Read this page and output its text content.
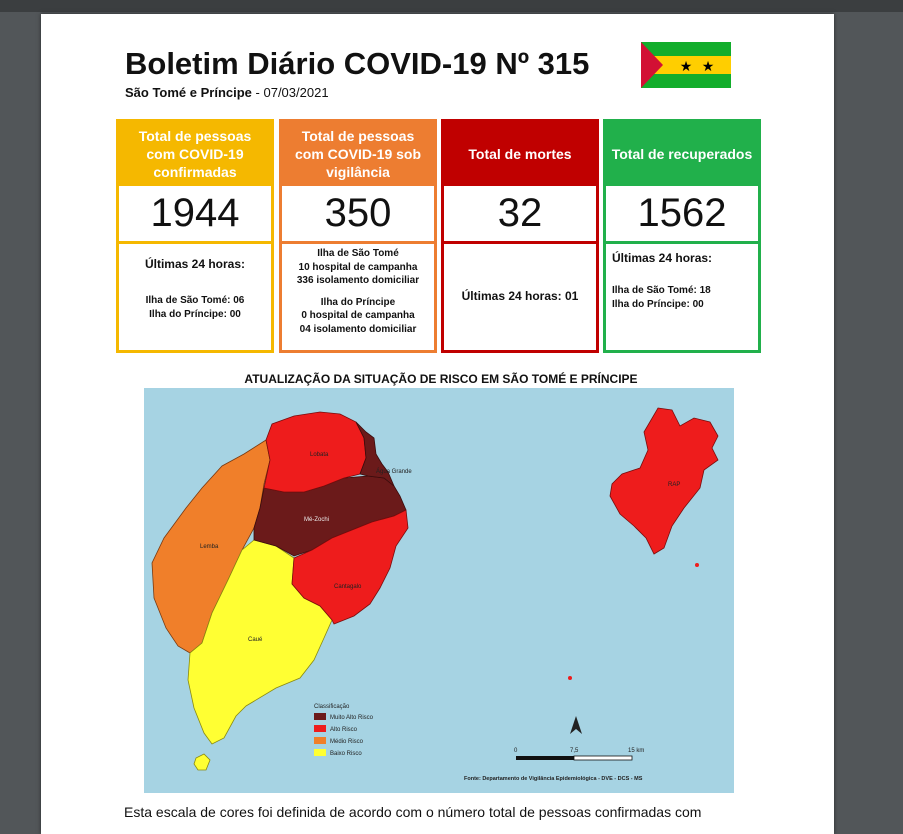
Boletim Diário COVID-19 Nº 315
São Tomé e Príncipe - 07/03/2021
★ ★
Total de pessoas com COVID-19 confirmadas
1944
Últimas 24 horas:
Ilha de São Tomé: 06
Ilha do Príncipe: 00
Total de pessoas com COVID-19 sob vigilância
350
Ilha de São Tomé
10 hospital de campanha
336 isolamento domiciliar
Ilha do Príncipe
0 hospital de campanha
04 isolamento domiciliar
Total de mortes
32
Últimas 24 horas: 01
Total de recuperados
1562
Últimas 24 horas:
Ilha de São Tomé: 18
Ilha do Príncipe: 00
ATUALIZAÇÃO DA SITUAÇÃO DE RISCO EM SÃO TOMÉ E PRÍNCIPE
Lobata
Água Grande
Mé-Zochi
Lemba
Cantagalo
Caué
RAP
Classificação
Muito Alto Risco
Alto Risco
Médio Risco
Baixo Risco	0	7,5	15 km
Fonte: Departamento de Vigilância Epidemiológica - DVE - DCS - MS
Esta escala de cores foi definida de acordo com o número total de pessoas confirmadas com
